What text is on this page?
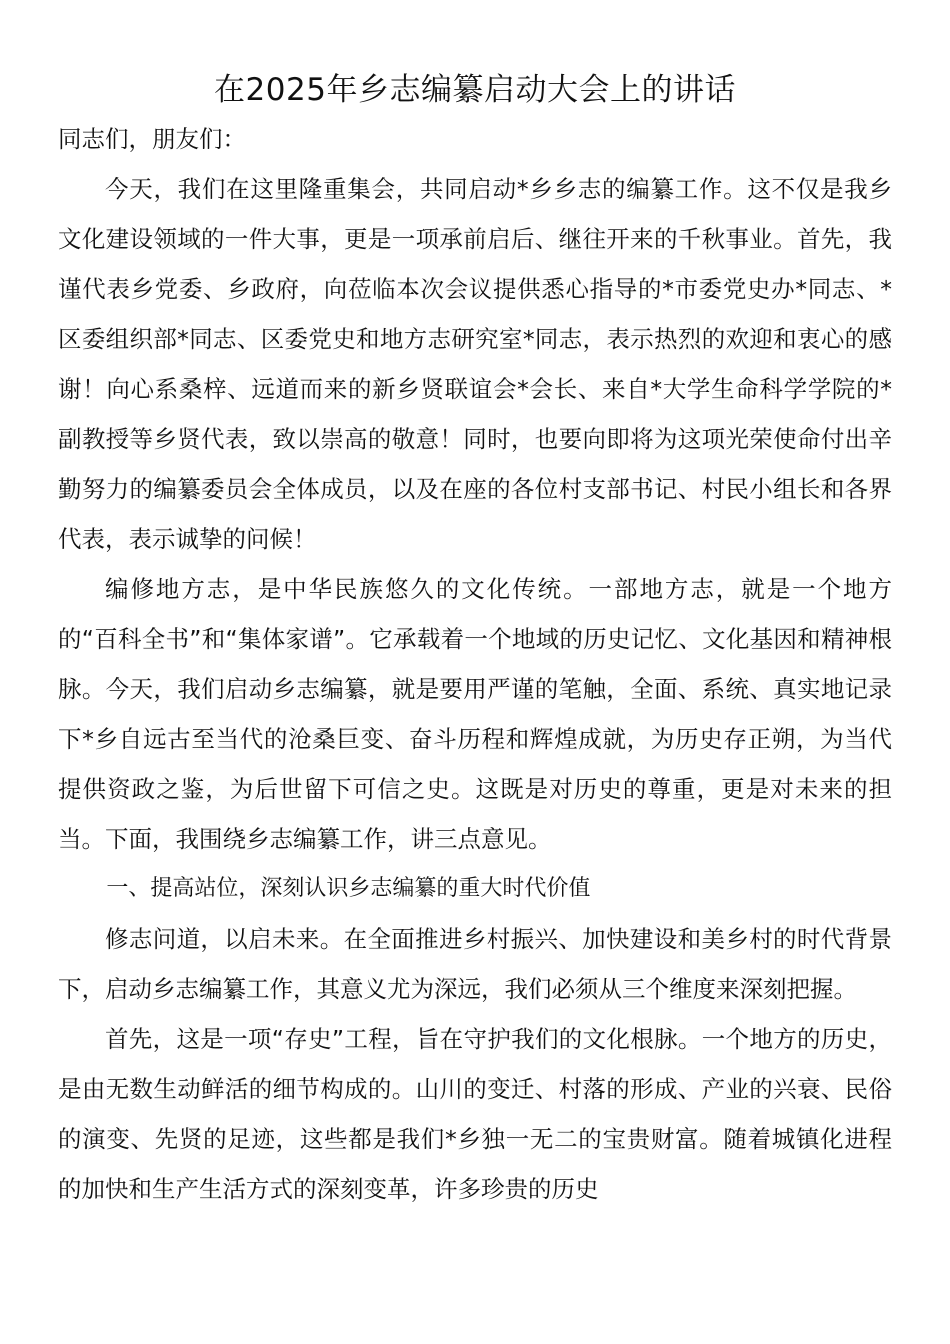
在2025年乡志编纂启动大会上的讲话

同志们，朋友们：

今天，我们在这里隆重集会，共同启动*乡乡志的编纂工作。这不仅是我乡文化建设领域的一件大事，更是一项承前启后、继往开来的千秋事业。首先，我谨代表乡党委、乡政府，向莅临本次会议提供悉心指导的*市委党史办*同志、*区委组织部*同志、区委党史和地方志研究室*同志，表示热烈的欢迎和衷心的感谢！向心系桑梓、远道而来的新乡贤联谊会*会长、来自*大学生命科学学院的*副教授等乡贤代表，致以崇高的敬意！同时，也要向即将为这项光荣使命付出辛勤努力的编纂委员会全体成员，以及在座的各位村支部书记、村民小组长和各界代表，表示诚挚的问候！

编修地方志，是中华民族悠久的文化传统。一部地方志，就是一个地方的“百科全书”和“集体家谱”。它承载着一个地域的历史记忆、文化基因和精神根脉。今天，我们启动乡志编纂，就是要用严谨的笔触，全面、系统、真实地记录下*乡自远古至当代的沧桑巨变、奋斗历程和辉煌成就，为历史存正朔，为当代提供资政之鉴，为后世留下可信之史。这既是对历史的尊重，更是对未来的担当。下面，我围绕乡志编纂工作，讲三点意见。

一、提高站位，深刻认识乡志编纂的重大时代价值

修志问道，以启未来。在全面推进乡村振兴、加快建设和美乡村的时代背景下，启动乡志编纂工作，其意义尤为深远，我们必须从三个维度来深刻把握。

首先，这是一项“存史”工程，旨在守护我们的文化根脉。一个地方的历史，是由无数生动鲜活的细节构成的。山川的变迁、村落的形成、产业的兴衰、民俗的演变、先贤的足迹，这些都是我们*乡独一无二的宝贵财富。随着城镇化进程的加快和生产生活方式的深刻变革，许多珍贵的历史
